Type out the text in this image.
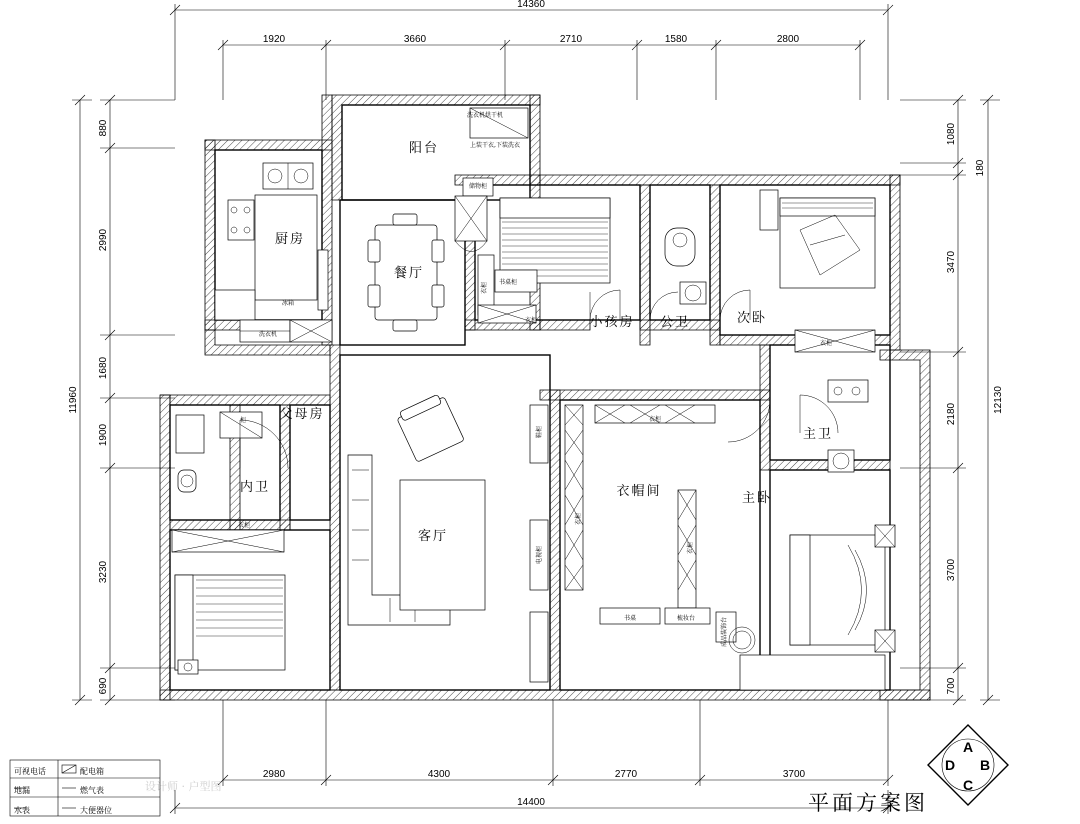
1920	3660	2710	1580	2800
14360
2980	4300	2770	3700
14400
880
2990
1680
1900
3230
690
11960
1080
180
3470
2180
3700
700
12130
阳台
厨房
餐厅
小孩房 公卫	次卧
父母房
内卫
客厅
衣帽间	主卧
主卫
洗衣机烘干机
上装干衣,下装洗衣
储物柜
书桌柜
衣柜
衣柜
衣柜
衣柜
衣柜
衣柜
衣柜
鞋柜
电视柜
书桌	梳妆台	成品装饰台
洗衣机
冰箱
柜
设计师 · 户型图
平面方案图
A
B
C
D
可视电话	配电箱
地漏	燃气表
水表	大便器位
